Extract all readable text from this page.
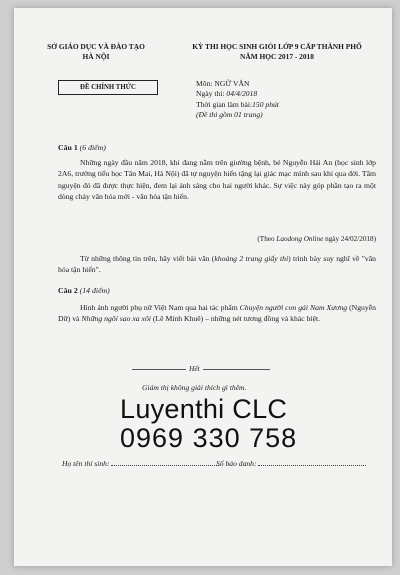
SỞ GIÁO DỤC VÀ ĐÀO TẠO
HÀ NỘI
KỲ THI HỌC SINH GIỎI LỚP 9 CẤP THÀNH PHỐ
NĂM HỌC 2017 - 2018
ĐỀ CHÍNH THỨC	Môn: NGỮ VĂN
Ngày thi: 04/4/2018
Thời gian làm bài:150 phút
(Đề thi gồm 01 trang)
Câu 1 (6 điểm)
Những ngày đầu năm 2018, khi đang nằm trên giường bệnh, bé Nguyễn Hải An (học sinh lớp 2A6, trường tiểu học Tân Mai, Hà Nội) đã tự nguyện hiến tặng lại giác mạc mình sau khi qua đời. Tâm nguyện đó đã được thực hiện, đem lại ánh sáng cho hai người khác. Sự việc này góp phần tạo ra một dòng chảy văn hóa mới - văn hóa tận hiến.
(Theo Laodong Online ngày 24/02/2018)
Từ những thông tin trên, hãy viết bài văn (khoảng 2 trang giấy thi) trình bày suy nghĩ về "văn hóa tận hiến".
Câu 2 (14 điểm)
Hình ảnh người phụ nữ Việt Nam qua hai tác phẩm Chuyện người con gái Nam Xương (Nguyễn Dữ) và Những ngôi sao xa xôi (Lê Minh Khuê) – những nét tương đồng và khác biệt.
Hết
Giám thị không giải thích gì thêm.
Luyenthi CLC
0969 330 758
Họ tên thí sinh:	Số báo danh:
